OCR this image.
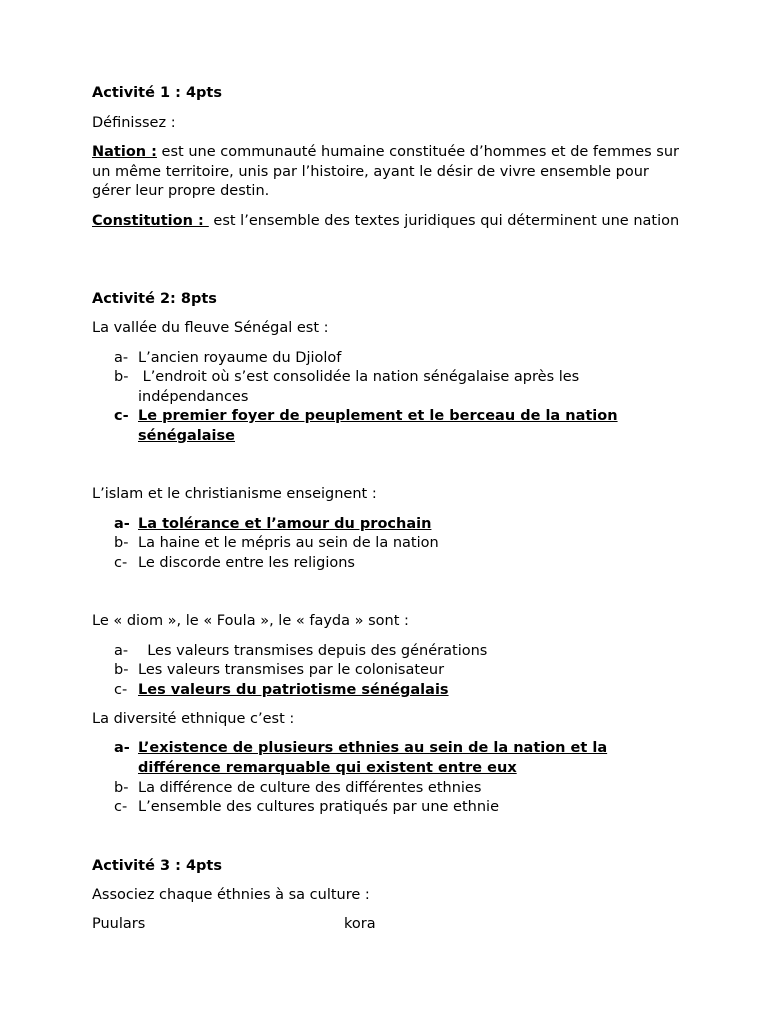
Activité 1 : 4pts

Définissez :

Nation : est une communauté humaine constituée d’hommes et de femmes sur un même territoire, unis par l’histoire, ayant le désir de vivre ensemble pour gérer leur propre destin.

Constitution :  est l’ensemble des textes juridiques qui déterminent une nation

Activité 2: 8pts

La vallée du fleuve Sénégal est :

a- L’ancien royaume du Djiolof
b- L’endroit où s’est consolidée la nation sénégalaise après les indépendances
c- Le premier foyer de peuplement et le berceau de la nation sénégalaise

L’islam et le christianisme enseignent :

a- La tolérance et l’amour du prochain
b- La haine et le mépris au sein de la nation
c- Le discorde entre les religions

Le « diom », le « Foula », le « fayda » sont :

a- Les valeurs transmises depuis des générations
b- Les valeurs transmises par le colonisateur
c- Les valeurs du patriotisme sénégalais

La diversité ethnique c’est :

a- L’existence de plusieurs ethnies au sein de la nation et la différence remarquable qui existent entre eux
b- La différence de culture des différentes ethnies
c- L’ensemble des cultures pratiqués par une ethnie

Activité 3 : 4pts

Associez chaque éthnies à sa culture :

Puulars	kora
